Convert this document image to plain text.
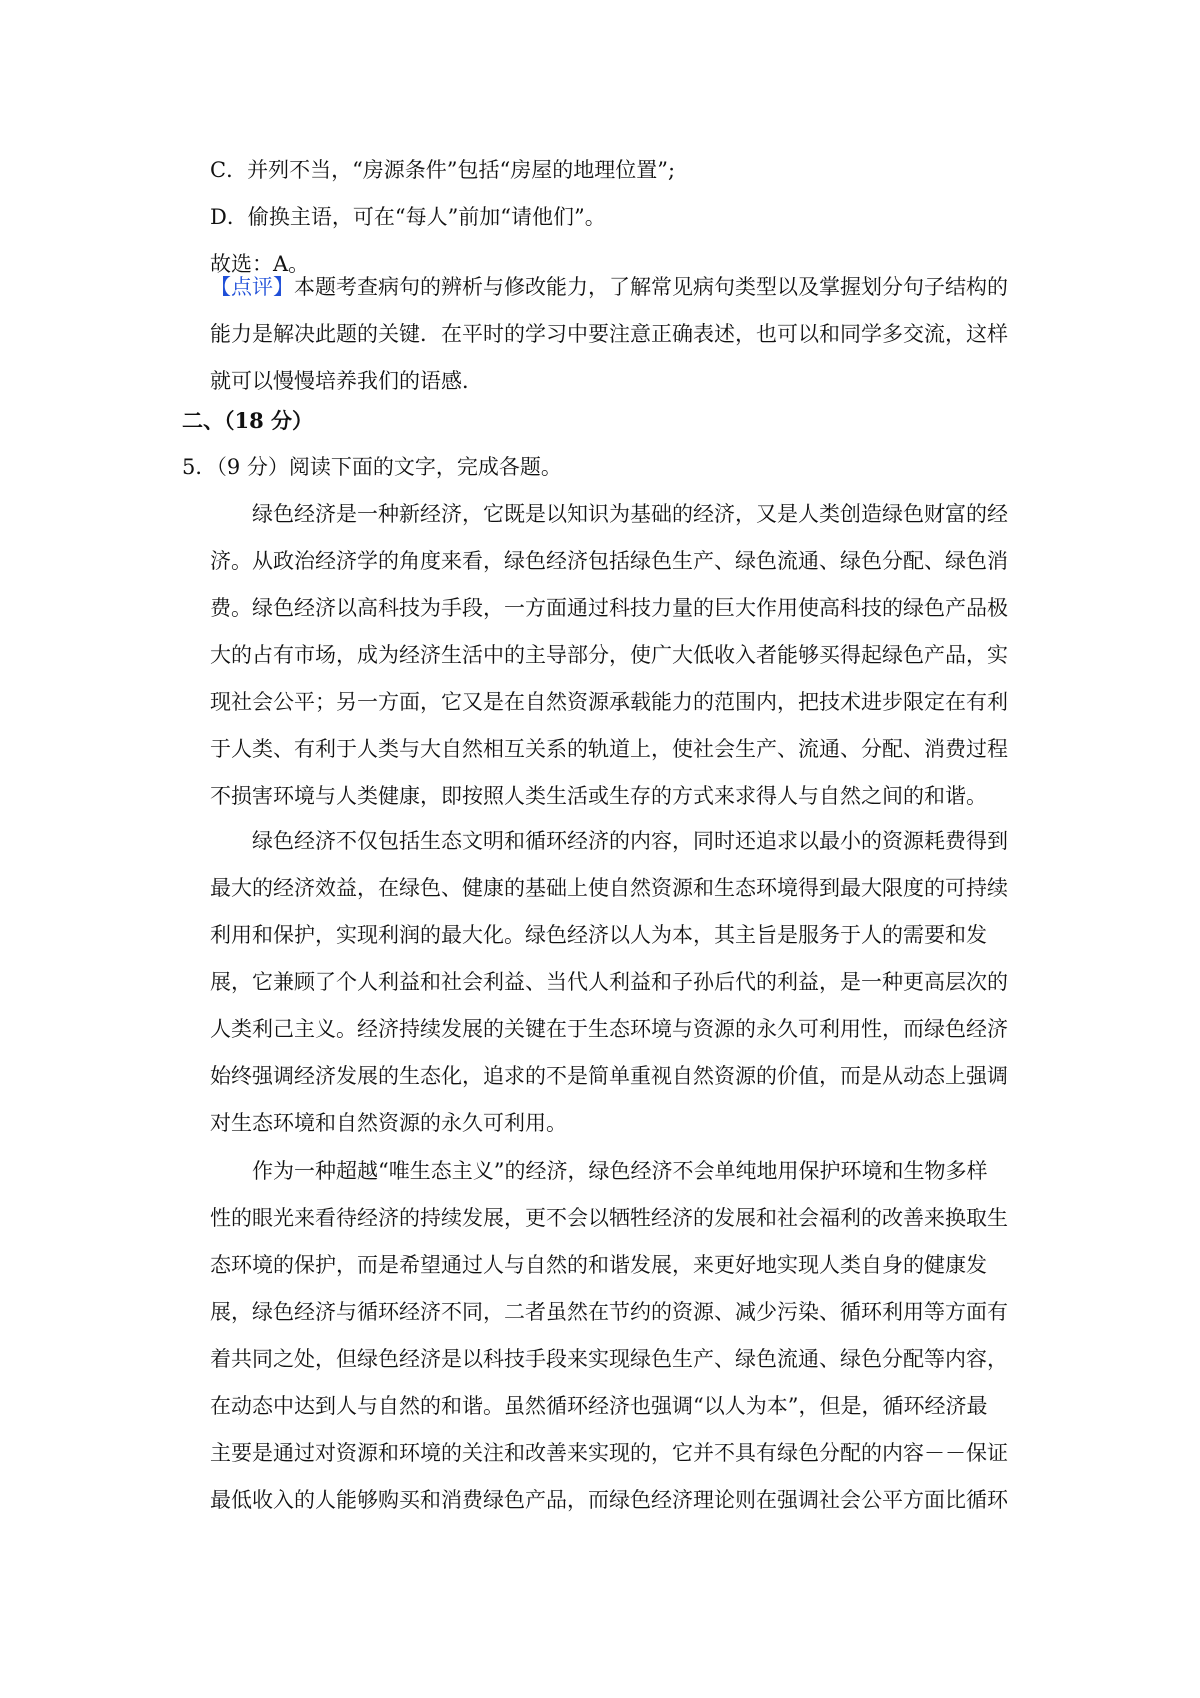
C．并列不当，“房源条件”包括“房屋的地理位置”;
D．偷换主语，可在“每人”前加“请他们”。
故选：A。
【点评】本题考查病句的辨析与修改能力，了解常见病句类型以及掌握划分句子结构的
能力是解决此题的关键．在平时的学习中要注意正确表述，也可以和同学多交流，这样
就可以慢慢培养我们的语感．
二、（18 分）
5．（9 分）阅读下面的文字，完成各题。
绿色经济是一种新经济，它既是以知识为基础的经济，又是人类创造绿色财富的经
济。从政治经济学的角度来看，绿色经济包括绿色生产、绿色流通、绿色分配、绿色消
费。绿色经济以高科技为手段，一方面通过科技力量的巨大作用使高科技的绿色产品极
大的占有市场，成为经济生活中的主导部分，使广大低收入者能够买得起绿色产品，实
现社会公平；另一方面，它又是在自然资源承载能力的范围内，把技术进步限定在有利
于人类、有利于人类与大自然相互关系的轨道上，使社会生产、流通、分配、消费过程
不损害环境与人类健康，即按照人类生活或生存的方式来求得人与自然之间的和谐。
绿色经济不仅包括生态文明和循环经济的内容，同时还追求以最小的资源耗费得到
最大的经济效益，在绿色、健康的基础上使自然资源和生态环境得到最大限度的可持续
利用和保护，实现利润的最大化。绿色经济以人为本，其主旨是服务于人的需要和发
展，它兼顾了个人利益和社会利益、当代人利益和子孙后代的利益，是一种更高层次的
人类利己主义。经济持续发展的关键在于生态环境与资源的永久可利用性，而绿色经济
始终强调经济发展的生态化，追求的不是简单重视自然资源的价值，而是从动态上强调
对生态环境和自然资源的永久可利用。
作为一种超越“唯生态主义”的经济，绿色经济不会单纯地用保护环境和生物多样
性的眼光来看待经济的持续发展，更不会以牺牲经济的发展和社会福利的改善来换取生
态环境的保护，而是希望通过人与自然的和谐发展，来更好地实现人类自身的健康发
展，绿色经济与循环经济不同，二者虽然在节约的资源、减少污染、循环利用等方面有
着共同之处，但绿色经济是以科技手段来实现绿色生产、绿色流通、绿色分配等内容，
在动态中达到人与自然的和谐。虽然循环经济也强调“以人为本”，但是，循环经济最
主要是通过对资源和环境的关注和改善来实现的，它并不具有绿色分配的内容－－保证
最低收入的人能够购买和消费绿色产品，而绿色经济理论则在强调社会公平方面比循环
